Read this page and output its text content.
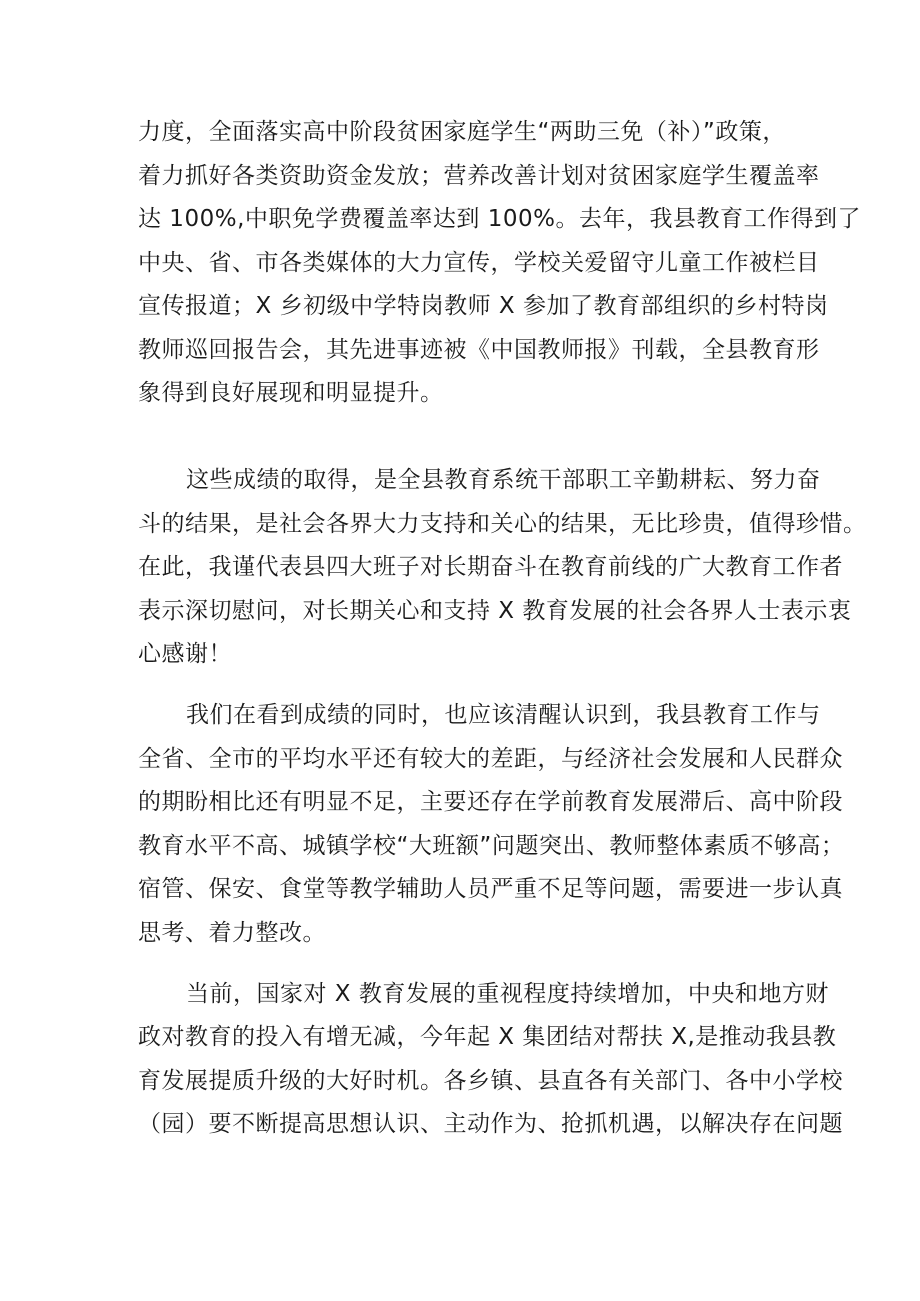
力度，全面落实高中阶段贫困家庭学生“两助三免（补）”政策，
着力抓好各类资助资金发放；营养改善计划对贫困家庭学生覆盖率
达 100%,中职免学费覆盖率达到 100%。去年，我县教育工作得到了
中央、省、市各类媒体的大力宣传，学校关爱留守儿童工作被栏目
宣传报道；X 乡初级中学特岗教师 X 参加了教育部组织的乡村特岗
教师巡回报告会，其先进事迹被《中国教师报》刊载，全县教育形
象得到良好展现和明显提升。
这些成绩的取得，是全县教育系统干部职工辛勤耕耘、努力奋
斗的结果，是社会各界大力支持和关心的结果，无比珍贵，值得珍惜。
在此，我谨代表县四大班子对长期奋斗在教育前线的广大教育工作者
表示深切慰问，对长期关心和支持 X 教育发展的社会各界人士表示衷
心感谢！
我们在看到成绩的同时，也应该清醒认识到，我县教育工作与
全省、全市的平均水平还有较大的差距，与经济社会发展和人民群众
的期盼相比还有明显不足，主要还存在学前教育发展滞后、高中阶段
教育水平不高、城镇学校“大班额”问题突出、教师整体素质不够高；
宿管、保安、食堂等教学辅助人员严重不足等问题，需要进一步认真
思考、着力整改。
当前，国家对 X 教育发展的重视程度持续增加，中央和地方财
政对教育的投入有增无减，今年起 X 集团结对帮扶 X,是推动我县教
育发展提质升级的大好时机。各乡镇、县直各有关部门、各中小学校
（园）要不断提高思想认识、主动作为、抢抓机遇，以解决存在问题
